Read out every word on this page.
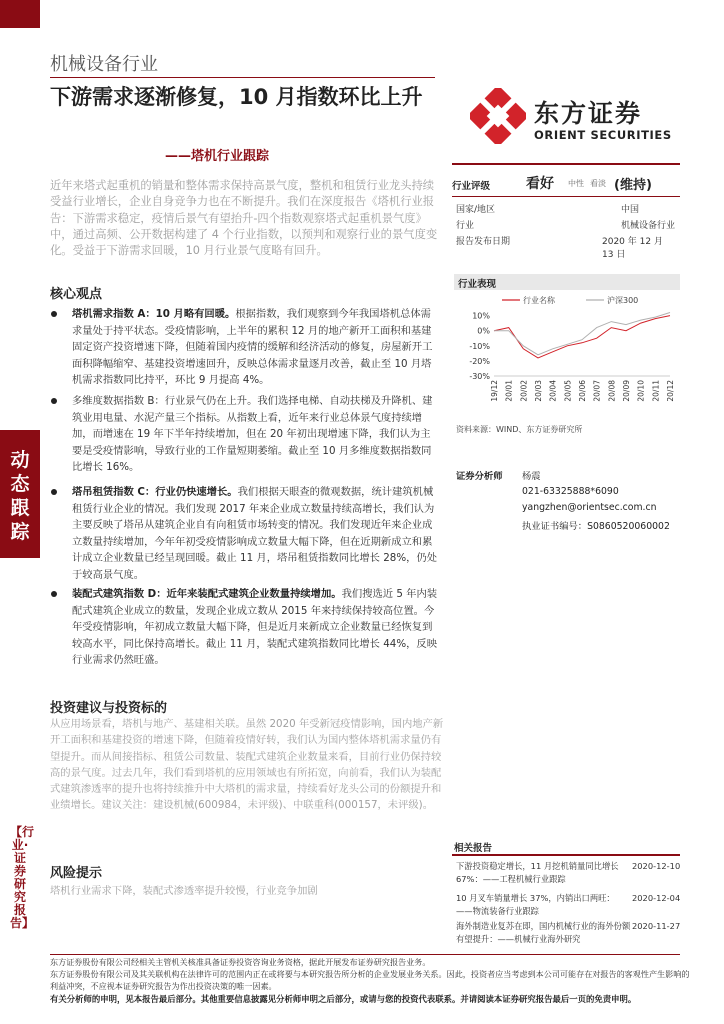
动态跟踪
【行业·证券研究报告】
机械设备行业
下游需求逐渐修复，10 月指数环比上升
——塔机行业跟踪
东方证券
ORIENT SECURITIES
行业评级	看好 中性 看淡 (维持)
国家/地区	中国
行业	机械设备行业
报告发布日期	2020 年 12 月 13 日
行业表现
行业名称	沪深300
10%
0%
-10%
-20%
-30%
19/12 20/01 20/02 20/03 20/04 20/05 20/06 20/07 20/08 20/09 20/10 20/11 20/12
资料来源：WIND、东方证券研究所
近年来塔式起重机的销量和整体需求保持高景气度，整机和租赁行业龙头持续受益行业增长，企业自身竞争力也在不断提升。我们在深度报告《塔机行业报告：下游需求稳定，疫情后景气有望抬升-四个指数观察塔式起重机景气度》中，通过高频、公开数据构建了 4 个行业指数，以预判和观察行业的景气度变化。受益于下游需求回暖，10 月行业景气度略有回升。
核心观点
塔机需求指数 A：10 月略有回暖。根据指数，我们观察到今年我国塔机总体需求量处于持平状态。受疫情影响，上半年的累积 12 月的地产新开工面积和基建固定资产投资增速下降，但随着国内疫情的缓解和经济活动的修复，房屋新开工面积降幅缩窄、基建投资增速回升，反映总体需求量逐月改善，截止至 10 月塔机需求指数同比持平，环比 9 月提高 4%。
多维度数据指数 B：行业景气仍在上升。我们选择电梯、自动扶梯及升降机、建筑业用电量、水泥产量三个指标。从指数上看，近年来行业总体景气度持续增加，而增速在 19 年下半年持续增加，但在 20 年初出现增速下降，我们认为主要是受疫情影响，导致行业的工作量短期萎缩。截止至 10 月多维度数据指数同比增长 16%。
塔吊租赁指数 C：行业仍快速增长。我们根据天眼查的微观数据，统计建筑机械租赁行业企业的情况。我们发现 2017 年来企业成立数量持续高增长，我们认为主要反映了塔吊从建筑企业自有向租赁市场转变的情况。我们发现近年来企业成立数量持续增加，今年年初受疫情影响成立数量大幅下降，但在近期新成立和累计成立企业数量已经呈现回暖。截止 11 月，塔吊租赁指数同比增长 28%，仍处于较高景气度。
装配式建筑指数 D：近年来装配式建筑企业数量持续增加。我们搜选近 5 年内装配式建筑企业成立的数量，发现企业成立数从 2015 年来持续保持较高位置。今年受疫情影响，年初成立数量大幅下降，但是近月来新成立企业数量已经恢复到较高水平，同比保持高增长。截止 11 月，装配式建筑指数同比增长 44%，反映行业需求仍然旺盛。
投资建议与投资标的
从应用场景看，塔机与地产、基建相关联。虽然 2020 年受新冠疫情影响，国内地产新开工面积和基建投资的增速下降，但随着疫情好转，我们认为国内整体塔机需求量仍有望提升。而从间接指标、租赁公司数量、装配式建筑企业数量来看，目前行业仍保持较高的景气度。过去几年，我们看到塔机的应用领域也有所拓宽，向前看，我们认为装配式建筑渗透率的提升也将持续推升中大塔机的需求量，持续看好龙头公司的份额提升和业绩增长。建议关注：建设机械(600984，未评级)、中联重科(000157，未评级)。
风险提示
塔机行业需求下降，装配式渗透率提升较慢，行业竞争加剧
证券分析师 杨震
021-63325888*6090
yangzhen@orientsec.com.cn
执业证书编号：S0860520060002
相关报告
下游投资稳定增长，11 月挖机销量同比增长 67%：——工程机械行业跟踪
2020-12-10
10 月叉车销量增长 37%，内销出口两旺：——物流装备行业跟踪
2020-12-04
海外制造业复苏在即，国内机械行业的海外份额有望提升：——机械行业海外研究
2020-11-27
东方证券股份有限公司经相关主管机关核准具备证券投资咨询业务资格，据此开展发布证券研究报告业务。
东方证券股份有限公司及其关联机构在法律许可的范围内正在或将要与本研究报告所分析的企业发展业务关系。因此，投资者应当考虑到本公司可能存在对报告的客观性产生影响的利益冲突，不应视本证券研究报告为作出投资决策的唯一因素。
有关分析师的申明，见本报告最后部分。其他重要信息披露见分析师申明之后部分，或请与您的投资代表联系。并请阅读本证券研究报告最后一页的免责申明。
